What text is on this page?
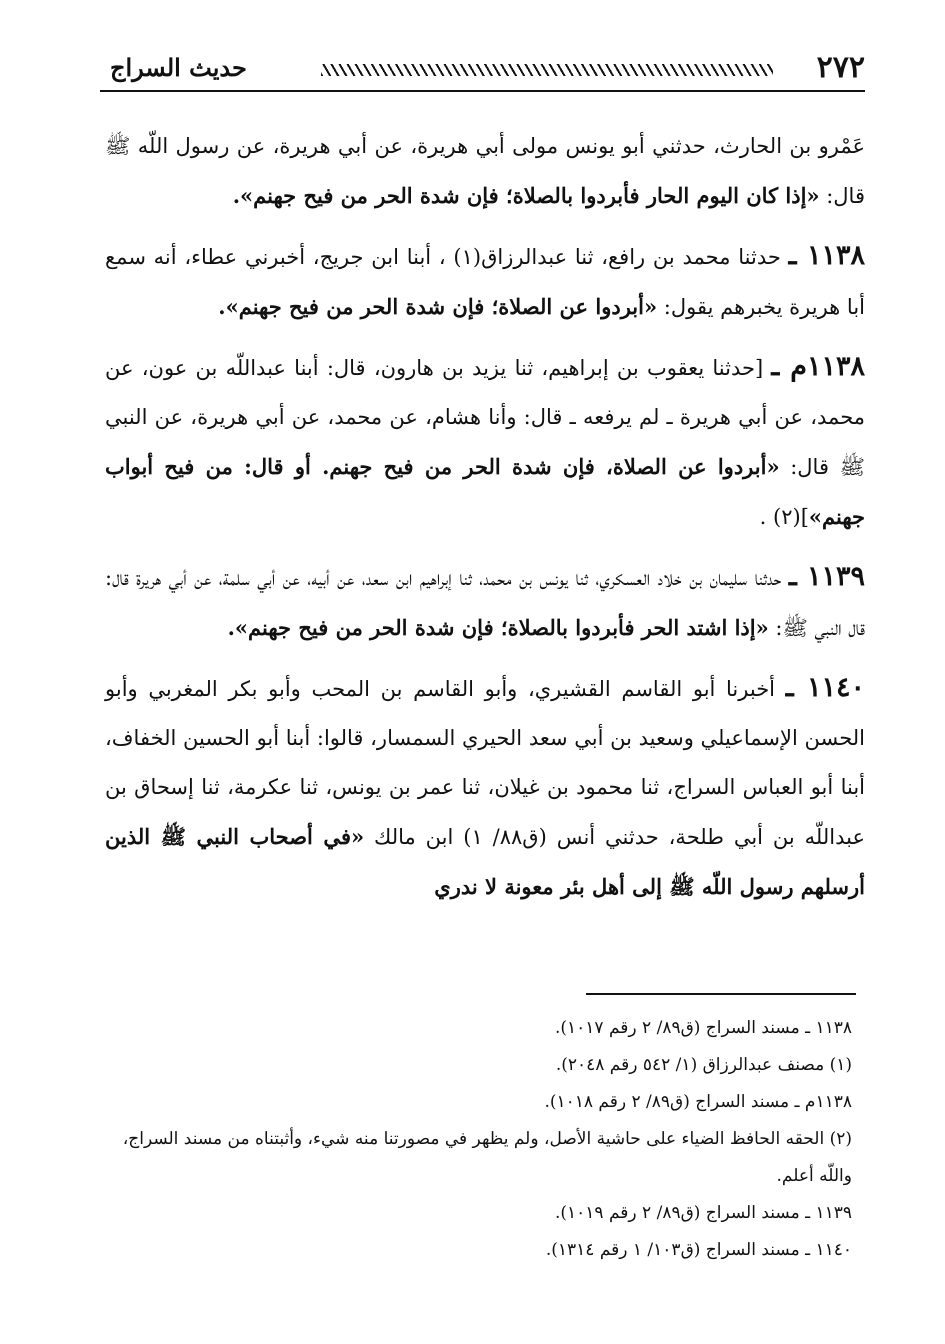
٢٧٢
حديث السراج

عَمْرو بن الحارث، حدثني أبو يونس مولى أبي هريرة، عن أبي هريرة، عن رسول اللّه ﷺ قال: «إذا كان اليوم الحار فأبردوا بالصلاة؛ فإن شدة الحر من فيح جهنم».

١١٣٨ ـ حدثنا محمد بن رافع، ثنا عبدالرزاق(١) ، أبنا ابن جريج، أخبرني عطاء، أنه سمع أبا هريرة يخبرهم يقول: «أبردوا عن الصلاة؛ فإن شدة الحر من فيح جهنم».

١١٣٨م ـ [حدثنا يعقوب بن إبراهيم، ثنا يزيد بن هارون، قال: أبنا عبداللّه بن عون، عن محمد، عن أبي هريرة ـ لم يرفعه ـ قال: وأنا هشام، عن محمد، عن أبي هريرة، عن النبي ﷺ قال: «أبردوا عن الصلاة، فإن شدة الحر من فيح جهنم. أو قال: من فيح أبواب جهنم»](٢) .

١١٣٩ ـ حدثنا سليمان بن خلاد العسكري، ثنا يونس بن محمد، ثنا إبراهيم ابن سعد، عن أبيه، عن أبي سلمة، عن أبي هريرة قال: قال النبي ﷺ: «إذا اشتد الحر فأبردوا بالصلاة؛ فإن شدة الحر من فيح جهنم».

١١٤٠ ـ أخبرنا أبو القاسم القشيري، وأبو القاسم بن المحب وأبو بكر المغربي وأبو الحسن الإسماعيلي وسعيد بن أبي سعد الحيري السمسار، قالوا: أبنا أبو الحسين الخفاف، أبنا أبو العباس السراج، ثنا محمود بن غيلان، ثنا عمر بن يونس، ثنا عكرمة، ثنا إسحاق بن عبداللّه بن أبي طلحة، حدثني أنس (ق٨٨/ ١) ابن مالك «في أصحاب النبي ﷺ الذين أرسلهم رسول اللّه ﷺ إلى أهل بئر معونة لا ندري

١١٣٨ ـ مسند السراج (ق٨٩/ ٢ رقم ١٠١٧).

(١) مصنف عبدالرزاق (١/ ٥٤٢ رقم ٢٠٤٨).

١١٣٨م ـ مسند السراج (ق٨٩/ ٢ رقم ١٠١٨).

(٢) الحقه الحافظ الضياء على حاشية الأصل، ولم يظهر في مصورتنا منه شيء، وأثبتناه من مسند السراج، واللّه أعلم.

١١٣٩ ـ مسند السراج (ق٨٩/ ٢ رقم ١٠١٩).

١١٤٠ ـ مسند السراج (ق١٠٣/ ١ رقم ١٣١٤).
